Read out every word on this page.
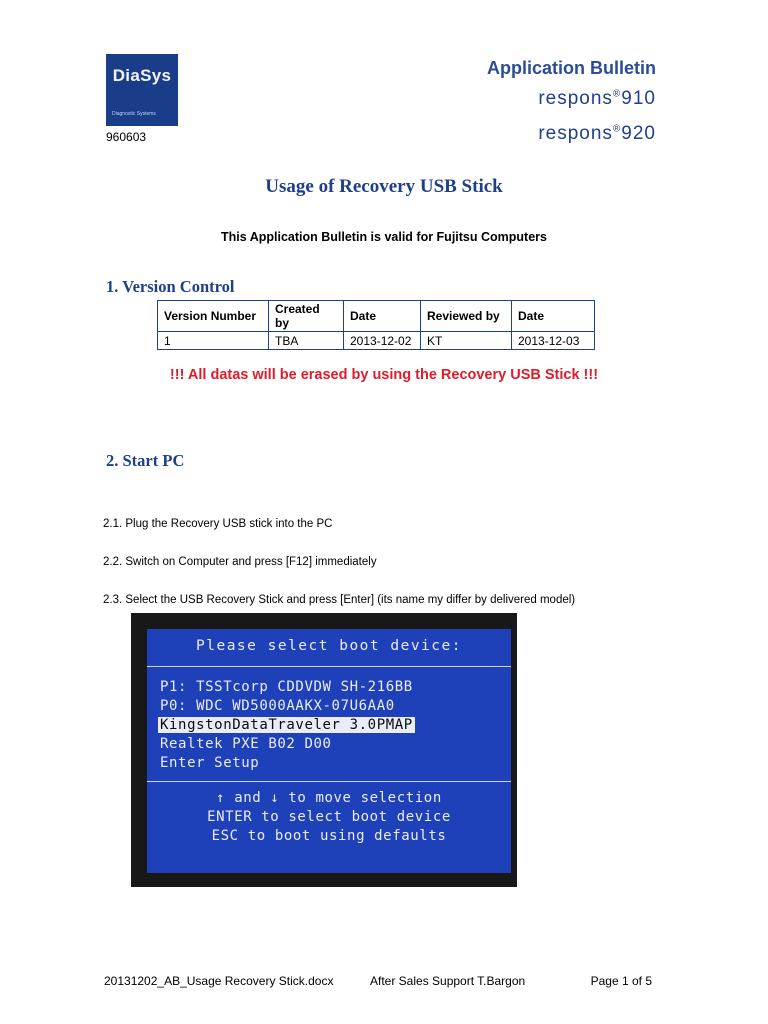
DiaSys
Diagnostic Systems
960603
Application Bulletin
respons®910
respons®920
Usage of Recovery USB Stick
This Application Bulletin is valid for Fujitsu Computers
1. Version Control
Version Number	Created by	Date	Reviewed by	Date
1	TBA	2013-12-02	KT	2013-12-03
!!! All datas will be erased by using the Recovery USB Stick !!!
2. Start PC
2.1. Plug the Recovery USB stick into the PC
2.2. Switch on Computer and press [F12] immediately
2.3. Select the USB Recovery Stick and press [Enter] (its name my differ by delivered model)
Please select boot device:
P1: TSSTcorp CDDVDW SH-216BB
P0: WDC WD5000AAKX-07U6AA0
KingstonDataTraveler 3.0PMAP
Realtek PXE B02 D00
Enter Setup
↑ and ↓ to move selection
ENTER to select boot device
ESC to boot using defaults
20131202_AB_Usage Recovery Stick.docx	After Sales Support T.Bargon	Page 1 of 5
